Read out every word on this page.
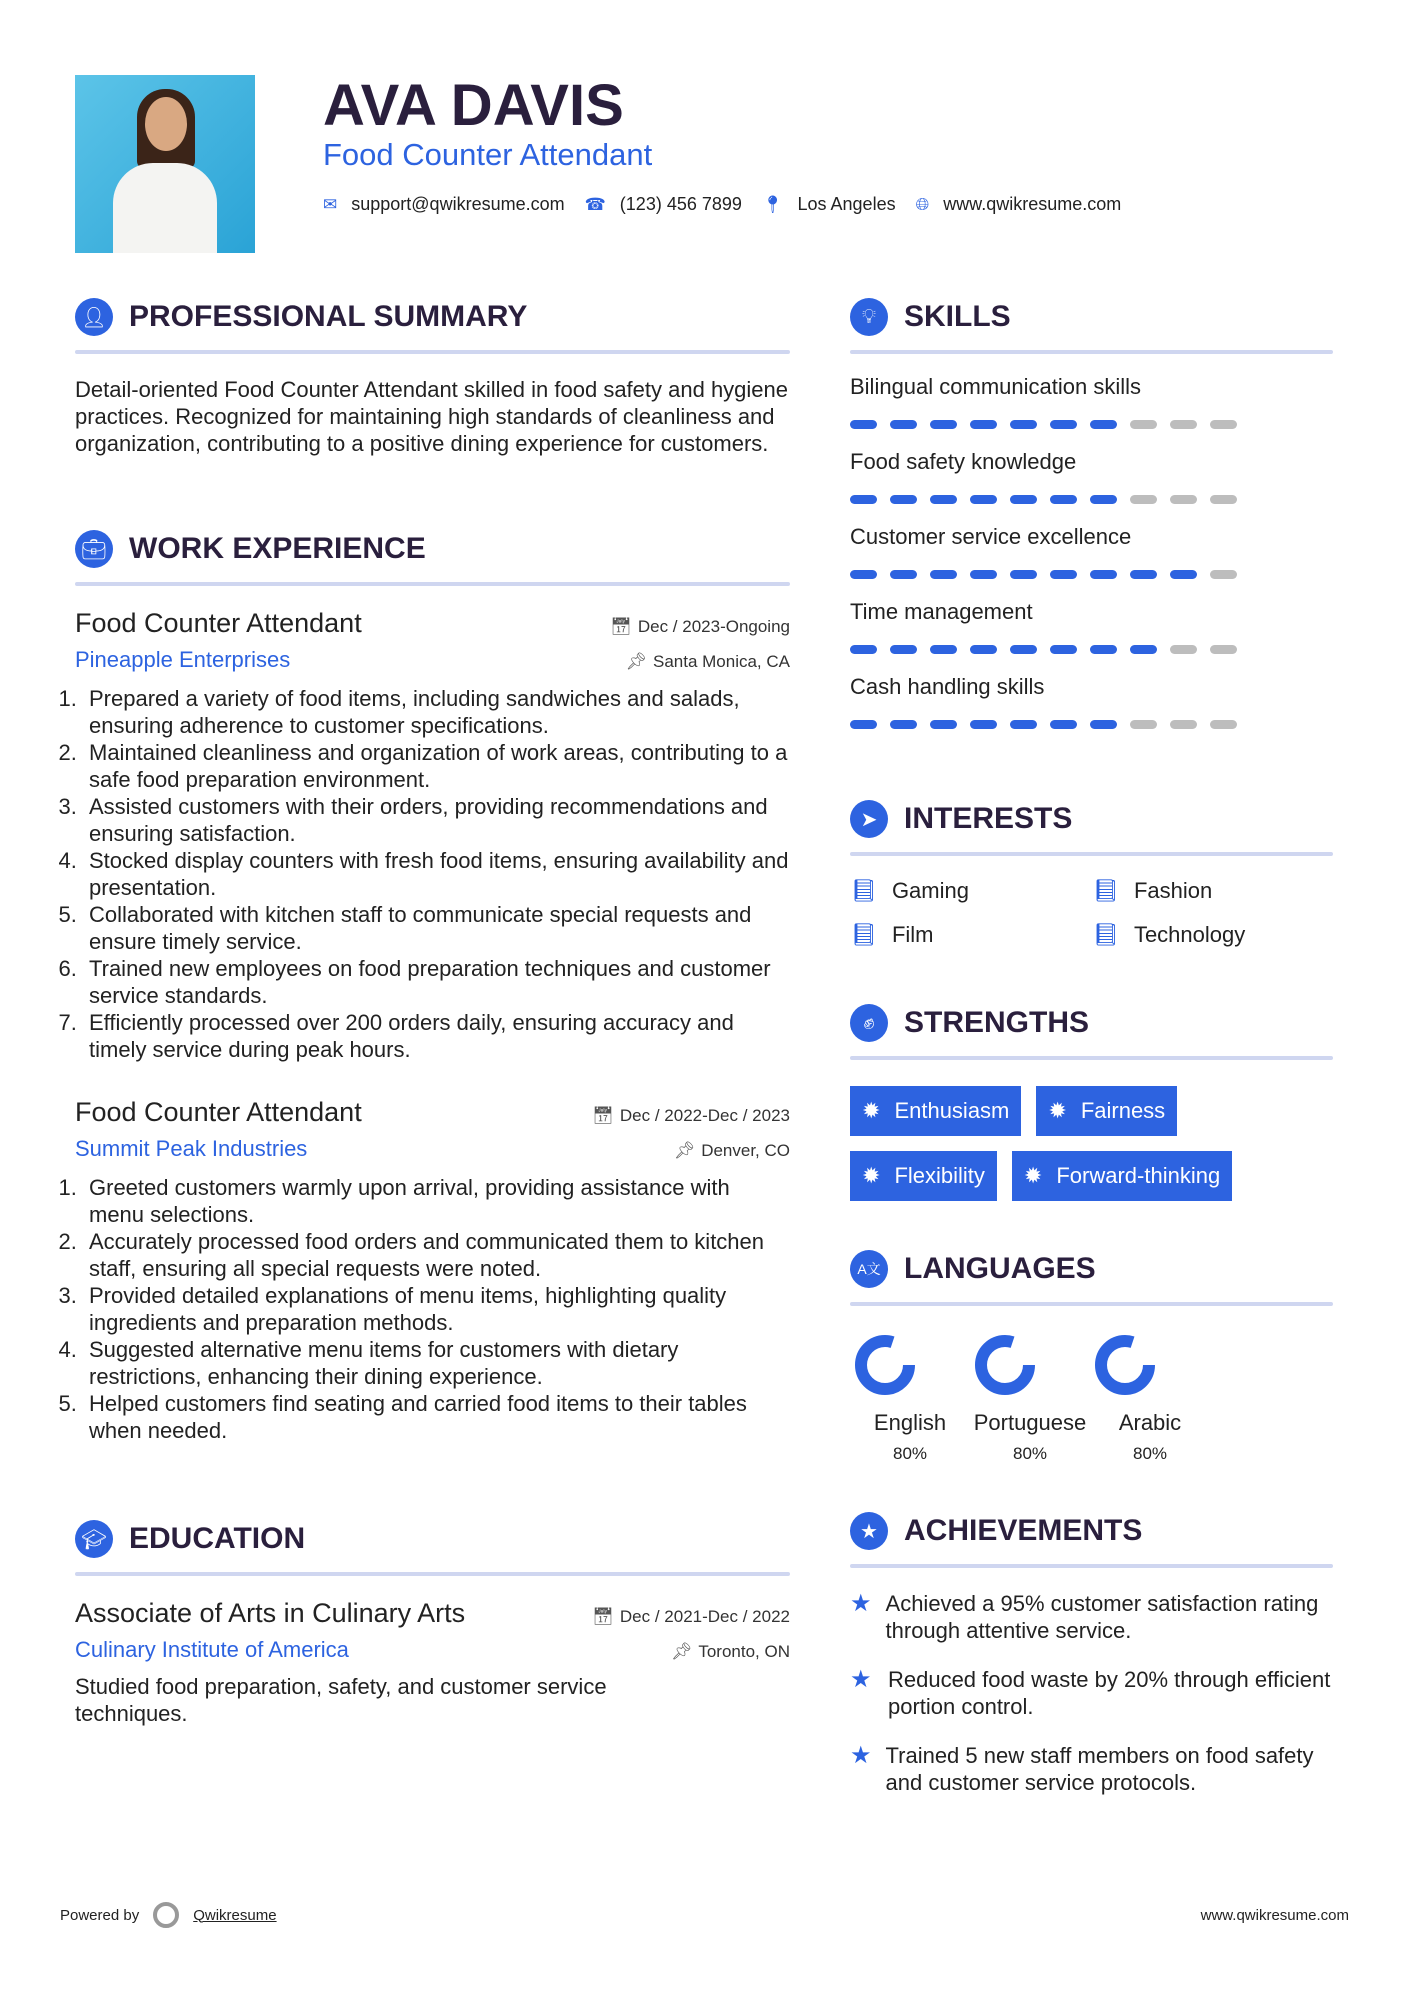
AVA DAVIS
Food Counter Attendant
✉ support@qwikresume.com ☎ (123) 456 7899 📍︎ Los Angeles 🌐︎ www.qwikresume.com
👤︎ PROFESSIONAL SUMMARY

Detail-oriented Food Counter Attendant skilled in food safety and hygiene practices. Recognized for maintaining high standards of cleanliness and organization, contributing to a positive dining experience for customers.

💼︎ WORK EXPERIENCE
Food Counter Attendant	📅︎ Dec / 2023-Ongoing
Pineapple Enterprises	📌︎ Santa Monica, CA
1. Prepared a variety of food items, including sandwiches and salads, ensuring adherence to customer specifications.
2. Maintained cleanliness and organization of work areas, contributing to a safe food preparation environment.
3. Assisted customers with their orders, providing recommendations and ensuring satisfaction.
4. Stocked display counters with fresh food items, ensuring availability and presentation.
5. Collaborated with kitchen staff to communicate special requests and ensure timely service.
6. Trained new employees on food preparation techniques and customer service standards.
7. Efficiently processed over 200 orders daily, ensuring accuracy and timely service during peak hours.
Food Counter Attendant	📅︎ Dec / 2022-Dec / 2023
Summit Peak Industries	📌︎ Denver, CO
1. Greeted customers warmly upon arrival, providing assistance with menu selections.
2. Accurately processed food orders and communicated them to kitchen staff, ensuring all special requests were noted.
3. Provided detailed explanations of menu items, highlighting quality ingredients and preparation methods.
4. Suggested alternative menu items for customers with dietary restrictions, enhancing their dining experience.
5. Helped customers find seating and carried food items to their tables when needed.
🎓︎ EDUCATION
Associate of Arts in Culinary Arts	📅︎ Dec / 2021-Dec / 2022
Culinary Institute of America	📌︎ Toronto, ON

Studied food preparation, safety, and customer service techniques.

💡︎ SKILLS
Bilingual communication skills
Food safety knowledge
Customer service excellence
Time management
Cash handling skills
➤ INTERESTS
📘︎ Gaming	📘︎ Fashion
📘︎ Film	📘︎ Technology
✊︎ STRENGTHS
✹ Enthusiasm ✹ Fairness
✹ Flexibility ✹ Forward-thinking
A文 LANGUAGES
English
80%
Portuguese
80%
Arabic
80%
★ ACHIEVEMENTS
★ Achieved a 95% customer satisfaction rating through attentive service.
★ Reduced food waste by 20% through efficient portion control.
★ Trained 5 new staff members on food safety and customer service protocols.
Powered by	Qwikresume	www.qwikresume.com
